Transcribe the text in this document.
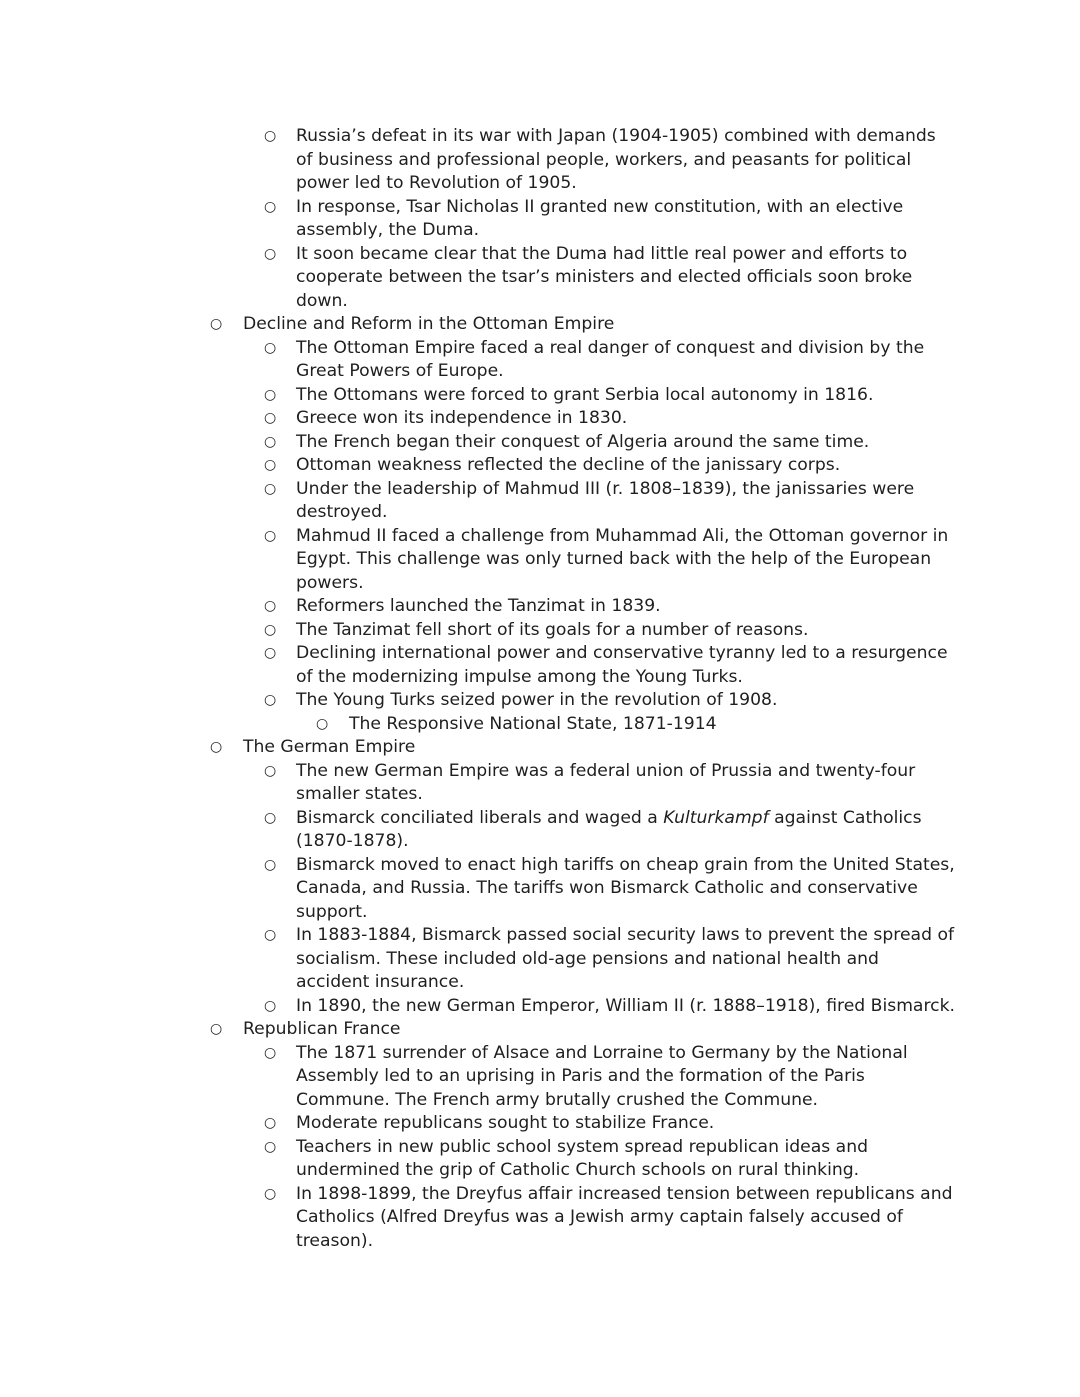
○ Russia’s defeat in its war with Japan (1904-1905) combined with demands of business and professional people, workers, and peasants for political power led to Revolution of 1905.
○ In response, Tsar Nicholas II granted new constitution, with an elective assembly, the Duma.
○ It soon became clear that the Duma had little real power and efforts to cooperate between the tsar’s ministers and elected officials soon broke down.
○ Decline and Reform in the Ottoman Empire
○ The Ottoman Empire faced a real danger of conquest and division by the Great Powers of Europe.
○ The Ottomans were forced to grant Serbia local autonomy in 1816.
○ Greece won its independence in 1830.
○ The French began their conquest of Algeria around the same time.
○ Ottoman weakness reflected the decline of the janissary corps.
○ Under the leadership of Mahmud III (r. 1808–1839), the janissaries were destroyed.
○ Mahmud II faced a challenge from Muhammad Ali, the Ottoman governor in Egypt. This challenge was only turned back with the help of the European powers.
○ Reformers launched the Tanzimat in 1839.
○ The Tanzimat fell short of its goals for a number of reasons.
○ Declining international power and conservative tyranny led to a resurgence of the modernizing impulse among the Young Turks.
○ The Young Turks seized power in the revolution of 1908.
○ The Responsive National State, 1871-1914
○ The German Empire
○ The new German Empire was a federal union of Prussia and twenty-four smaller states.
○ Bismarck conciliated liberals and waged a Kulturkampf against Catholics (1870-1878).
○ Bismarck moved to enact high tariffs on cheap grain from the United States, Canada, and Russia. The tariffs won Bismarck Catholic and conservative support.
○ In 1883-1884, Bismarck passed social security laws to prevent the spread of socialism. These included old-age pensions and national health and accident insurance.
○ In 1890, the new German Emperor, William II (r. 1888–1918), fired Bismarck.
○ Republican France
○ The 1871 surrender of Alsace and Lorraine to Germany by the National Assembly led to an uprising in Paris and the formation of the Paris Commune. The French army brutally crushed the Commune.
○ Moderate republicans sought to stabilize France.
○ Teachers in new public school system spread republican ideas and undermined the grip of Catholic Church schools on rural thinking.
○ In 1898-1899, the Dreyfus affair increased tension between republicans and Catholics (Alfred Dreyfus was a Jewish army captain falsely accused of treason).
